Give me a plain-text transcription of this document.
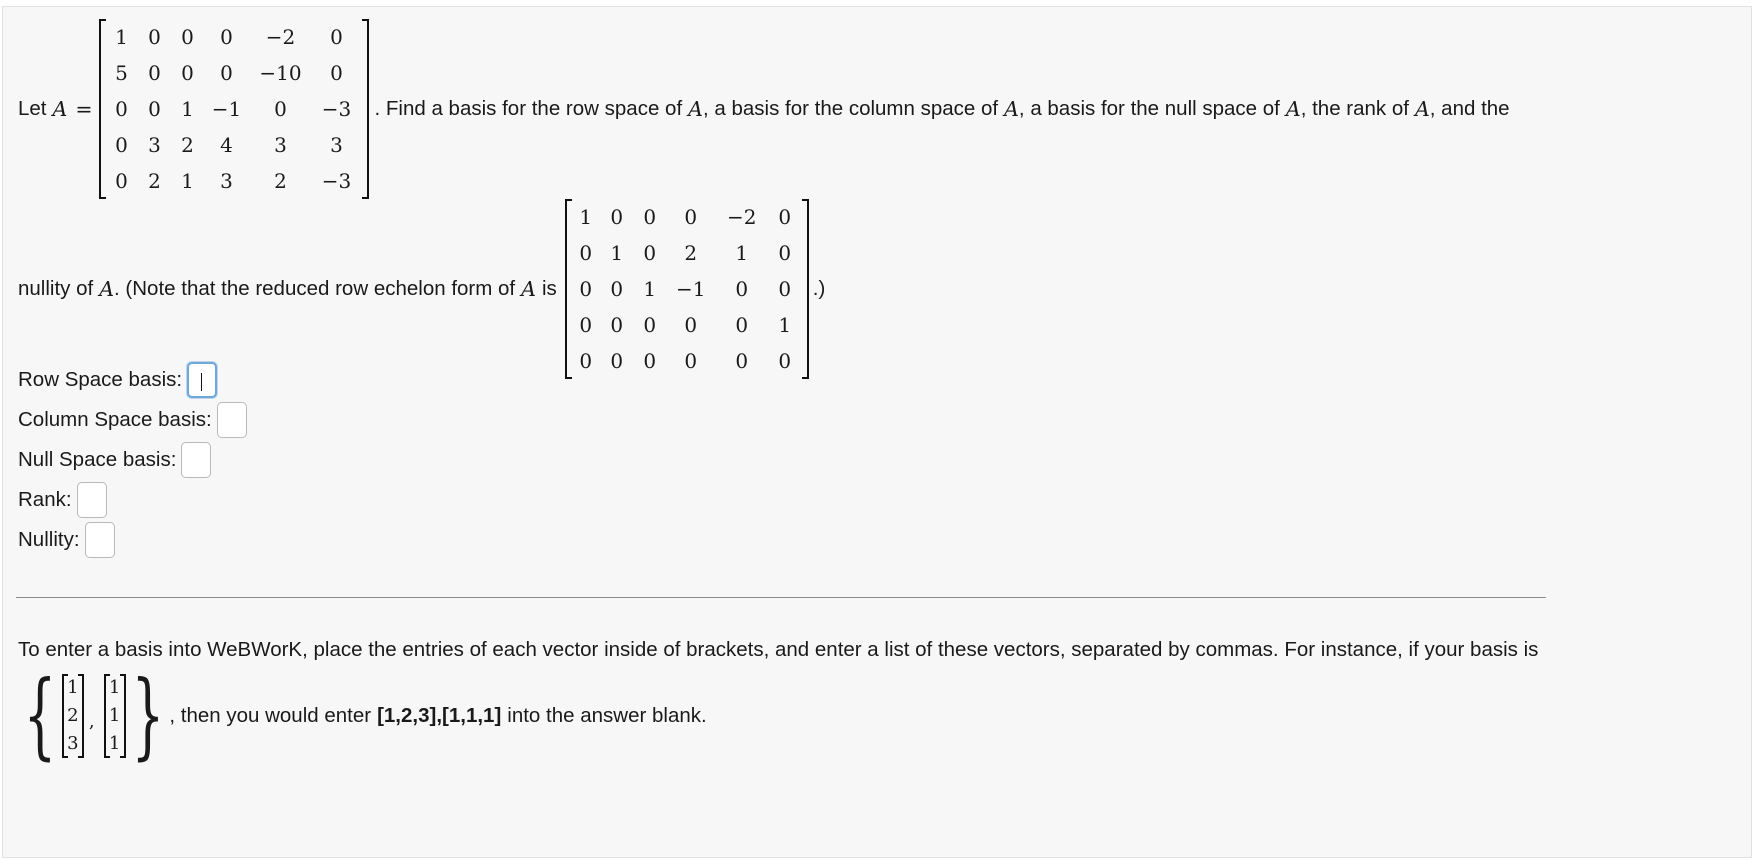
Let A =
1	0	0	0	−2	0
5	0	0	0	−10	0
0	0	1	−1	0	−3
0	3	2	4	3	3
0	2	1	3	2	−3
. Find a basis for the row space of A , a basis for the column space of A , a basis for the null space of A , the rank of A , and the
nullity of A . (Note that the reduced row echelon form of A is
1	0	0	0	−2	0
0	1	0	2	1	0
0	0	1	−1	0	0
0	0	0	0	0	1
0	0	0	0	0	0
.)
Row Space basis:
Column Space basis:
Null Space basis:
Rank:
Nullity:
To enter a basis into WeBWorK, place the entries of each vector inside of brackets, and enter a list of these vectors, separated by commas. For instance, if your basis is
{ 1
2
3
,
1
1
1 } , then you would enter [1,2,3],[1,1,1] into the answer blank.
